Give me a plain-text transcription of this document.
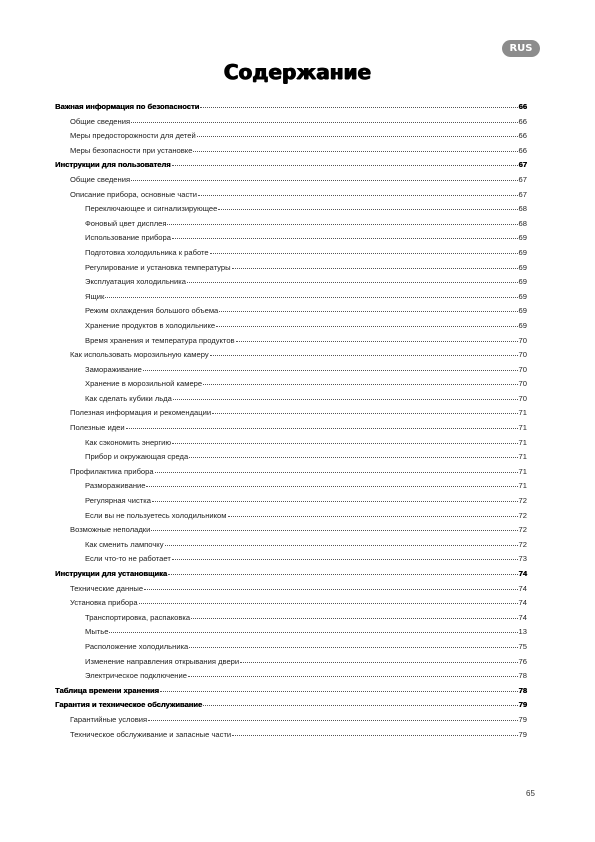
RUS
Содержание
Важная информация по безопасности	66
Общие сведения	66
Меры предосторожности для детей	66
Меры безопасности при установке	66
Инструкции для пользователя	67
Общие сведения	67
Описание прибора, основные части	67
Переключающее и сигнализирующее	68
Фоновый цвет дисплея	68
Использование прибора	69
Подготовка холодильника к работе	69
Регулирование и установка температуры	69
Эксплуатация холодильника	69
Ящик	69
Режим охлаждения большого объема	69
Хранение продуктов в холодильнике	69
Время хранения и температура продуктов	70
Как использовать морозильную камеру	70
Замораживание	70
Хранение в морозильной камере	70
Как сделать кубики льда	70
Полезная информация и рекомендации	71
Полезные идеи	71
Как сэкономить энергию	71
Прибор и окружающая среда	71
Профилактика прибора	71
Размораживание	71
Регулярная чистка	72
Если вы не пользуетесь холодильником	72
Возможные неполадки	72
Как сменить лампочку	72
Если что-то не работает	73
Инструкции для установщика	74
Технические данные	74
Установка прибора	74
Транспортировка, распаковка	74
Мытье	13
Расположение холодильника	75
Изменение направления открывания двери	76
Электрическое подключение	78
Таблица времени хранения	78
Гарантия и техническое обслуживание	79
Гарантийные условия	79
Техническое обслуживание и запасные части	79
65
